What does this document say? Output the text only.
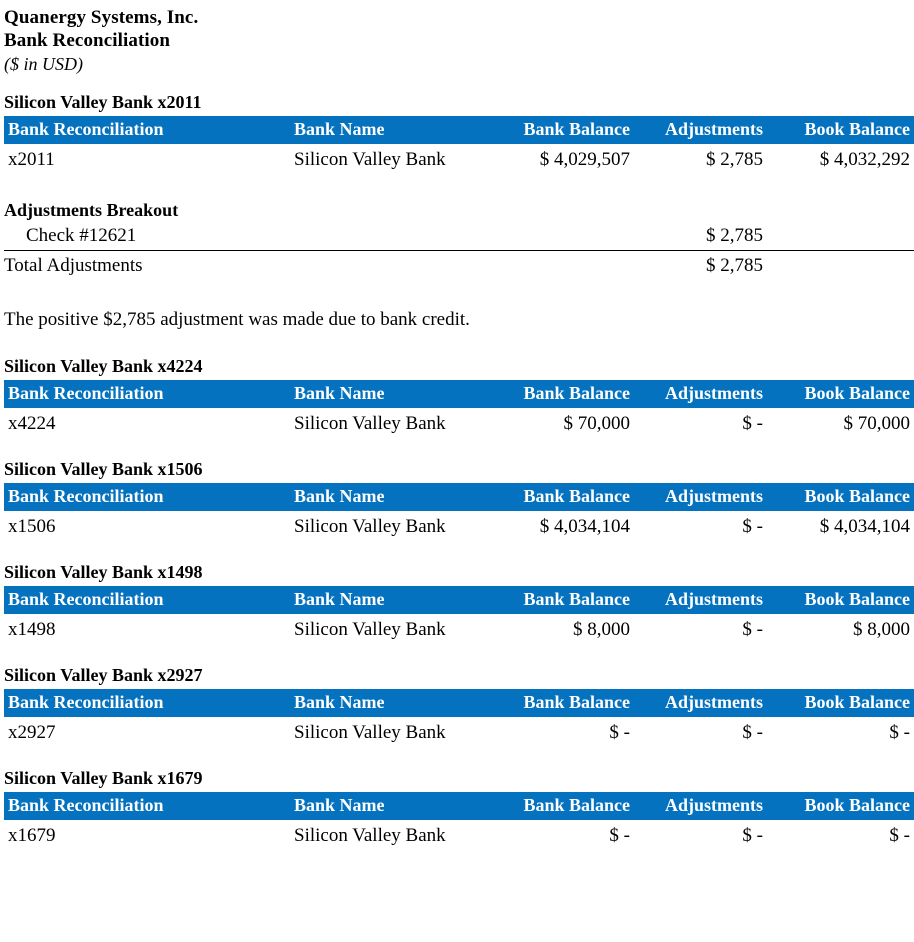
Quanergy Systems, Inc.
Bank Reconciliation
($ in USD)
Silicon Valley Bank x2011
Bank Reconciliation	Bank Name	Bank Balance	Adjustments	Book Balance
x2011	Silicon Valley Bank	$ 4,029,507	$ 2,785	$ 4,032,292
Adjustments Breakout
Check #12621	$ 2,785	
Total Adjustments	$ 2,785	
The positive $2,785 adjustment was made due to bank credit.
Silicon Valley Bank x4224
Bank Reconciliation	Bank Name	Bank Balance	Adjustments	Book Balance
x4224	Silicon Valley Bank	$ 70,000	$ -	$ 70,000
Silicon Valley Bank x1506
Bank Reconciliation	Bank Name	Bank Balance	Adjustments	Book Balance
x1506	Silicon Valley Bank	$ 4,034,104	$ -	$ 4,034,104
Silicon Valley Bank x1498
Bank Reconciliation	Bank Name	Bank Balance	Adjustments	Book Balance
x1498	Silicon Valley Bank	$ 8,000	$ -	$ 8,000
Silicon Valley Bank x2927
Bank Reconciliation	Bank Name	Bank Balance	Adjustments	Book Balance
x2927	Silicon Valley Bank	$ -	$ -	$ -
Silicon Valley Bank x1679
Bank Reconciliation	Bank Name	Bank Balance	Adjustments	Book Balance
x1679	Silicon Valley Bank	$ -	$ -	$ -
